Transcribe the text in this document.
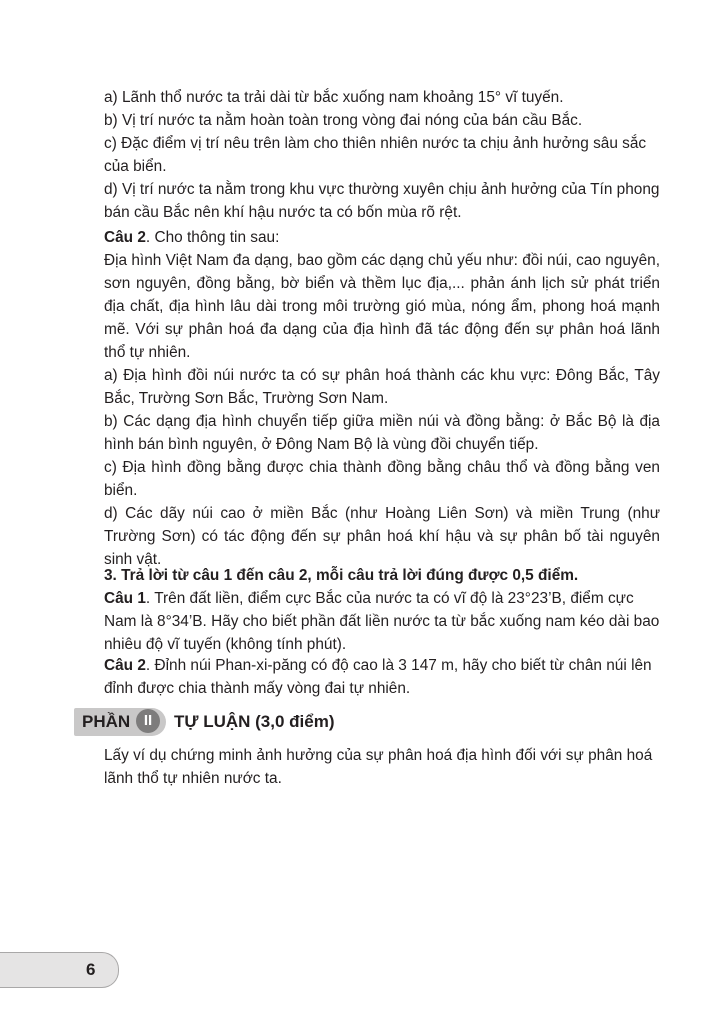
a) Lãnh thổ nước ta trải dài từ bắc xuống nam khoảng 15° vĩ tuyến.

b) Vị trí nước ta nằm hoàn toàn trong vòng đai nóng của bán cầu Bắc.

c) Đặc điểm vị trí nêu trên làm cho thiên nhiên nước ta chịu ảnh hưởng sâu sắc của biển.

d) Vị trí nước ta nằm trong khu vực thường xuyên chịu ảnh hưởng của Tín phong bán cầu Bắc nên khí hậu nước ta có bốn mùa rõ rệt.

Câu 2. Cho thông tin sau:

Địa hình Việt Nam đa dạng, bao gồm các dạng chủ yếu như: đồi núi, cao nguyên, sơn nguyên, đồng bằng, bờ biển và thềm lục địa,... phản ánh lịch sử phát triển địa chất, địa hình lâu dài trong môi trường gió mùa, nóng ẩm, phong hoá mạnh mẽ. Với sự phân hoá đa dạng của địa hình đã tác động đến sự phân hoá lãnh thổ tự nhiên.

a) Địa hình đồi núi nước ta có sự phân hoá thành các khu vực: Đông Bắc, Tây Bắc, Trường Sơn Bắc, Trường Sơn Nam.

b) Các dạng địa hình chuyển tiếp giữa miền núi và đồng bằng: ở Bắc Bộ là địa hình bán bình nguyên, ở Đông Nam Bộ là vùng đồi chuyển tiếp.

c) Địa hình đồng bằng được chia thành đồng bằng châu thổ và đồng bằng ven biển.

d) Các dãy núi cao ở miền Bắc (như Hoàng Liên Sơn) và miền Trung (như Trường Sơn) có tác động đến sự phân hoá khí hậu và sự phân bố tài nguyên sinh vật.

3. Trả lời từ câu 1 đến câu 2, mỗi câu trả lời đúng được 0,5 điểm.

Câu 1. Trên đất liền, điểm cực Bắc của nước ta có vĩ độ là 23°23’B, điểm cực Nam là 8°34’B. Hãy cho biết phần đất liền nước ta từ bắc xuống nam kéo dài bao nhiêu độ vĩ tuyến (không tính phút).

Câu 2. Đỉnh núi Phan-xi-păng có độ cao là 3 147 m, hãy cho biết từ chân núi lên đỉnh được chia thành mấy vòng đai tự nhiên.

PHẦN II	TỰ LUẬN (3,0 điểm)

Lấy ví dụ chứng minh ảnh hưởng của sự phân hoá địa hình đối với sự phân hoá lãnh thổ tự nhiên nước ta.

6
